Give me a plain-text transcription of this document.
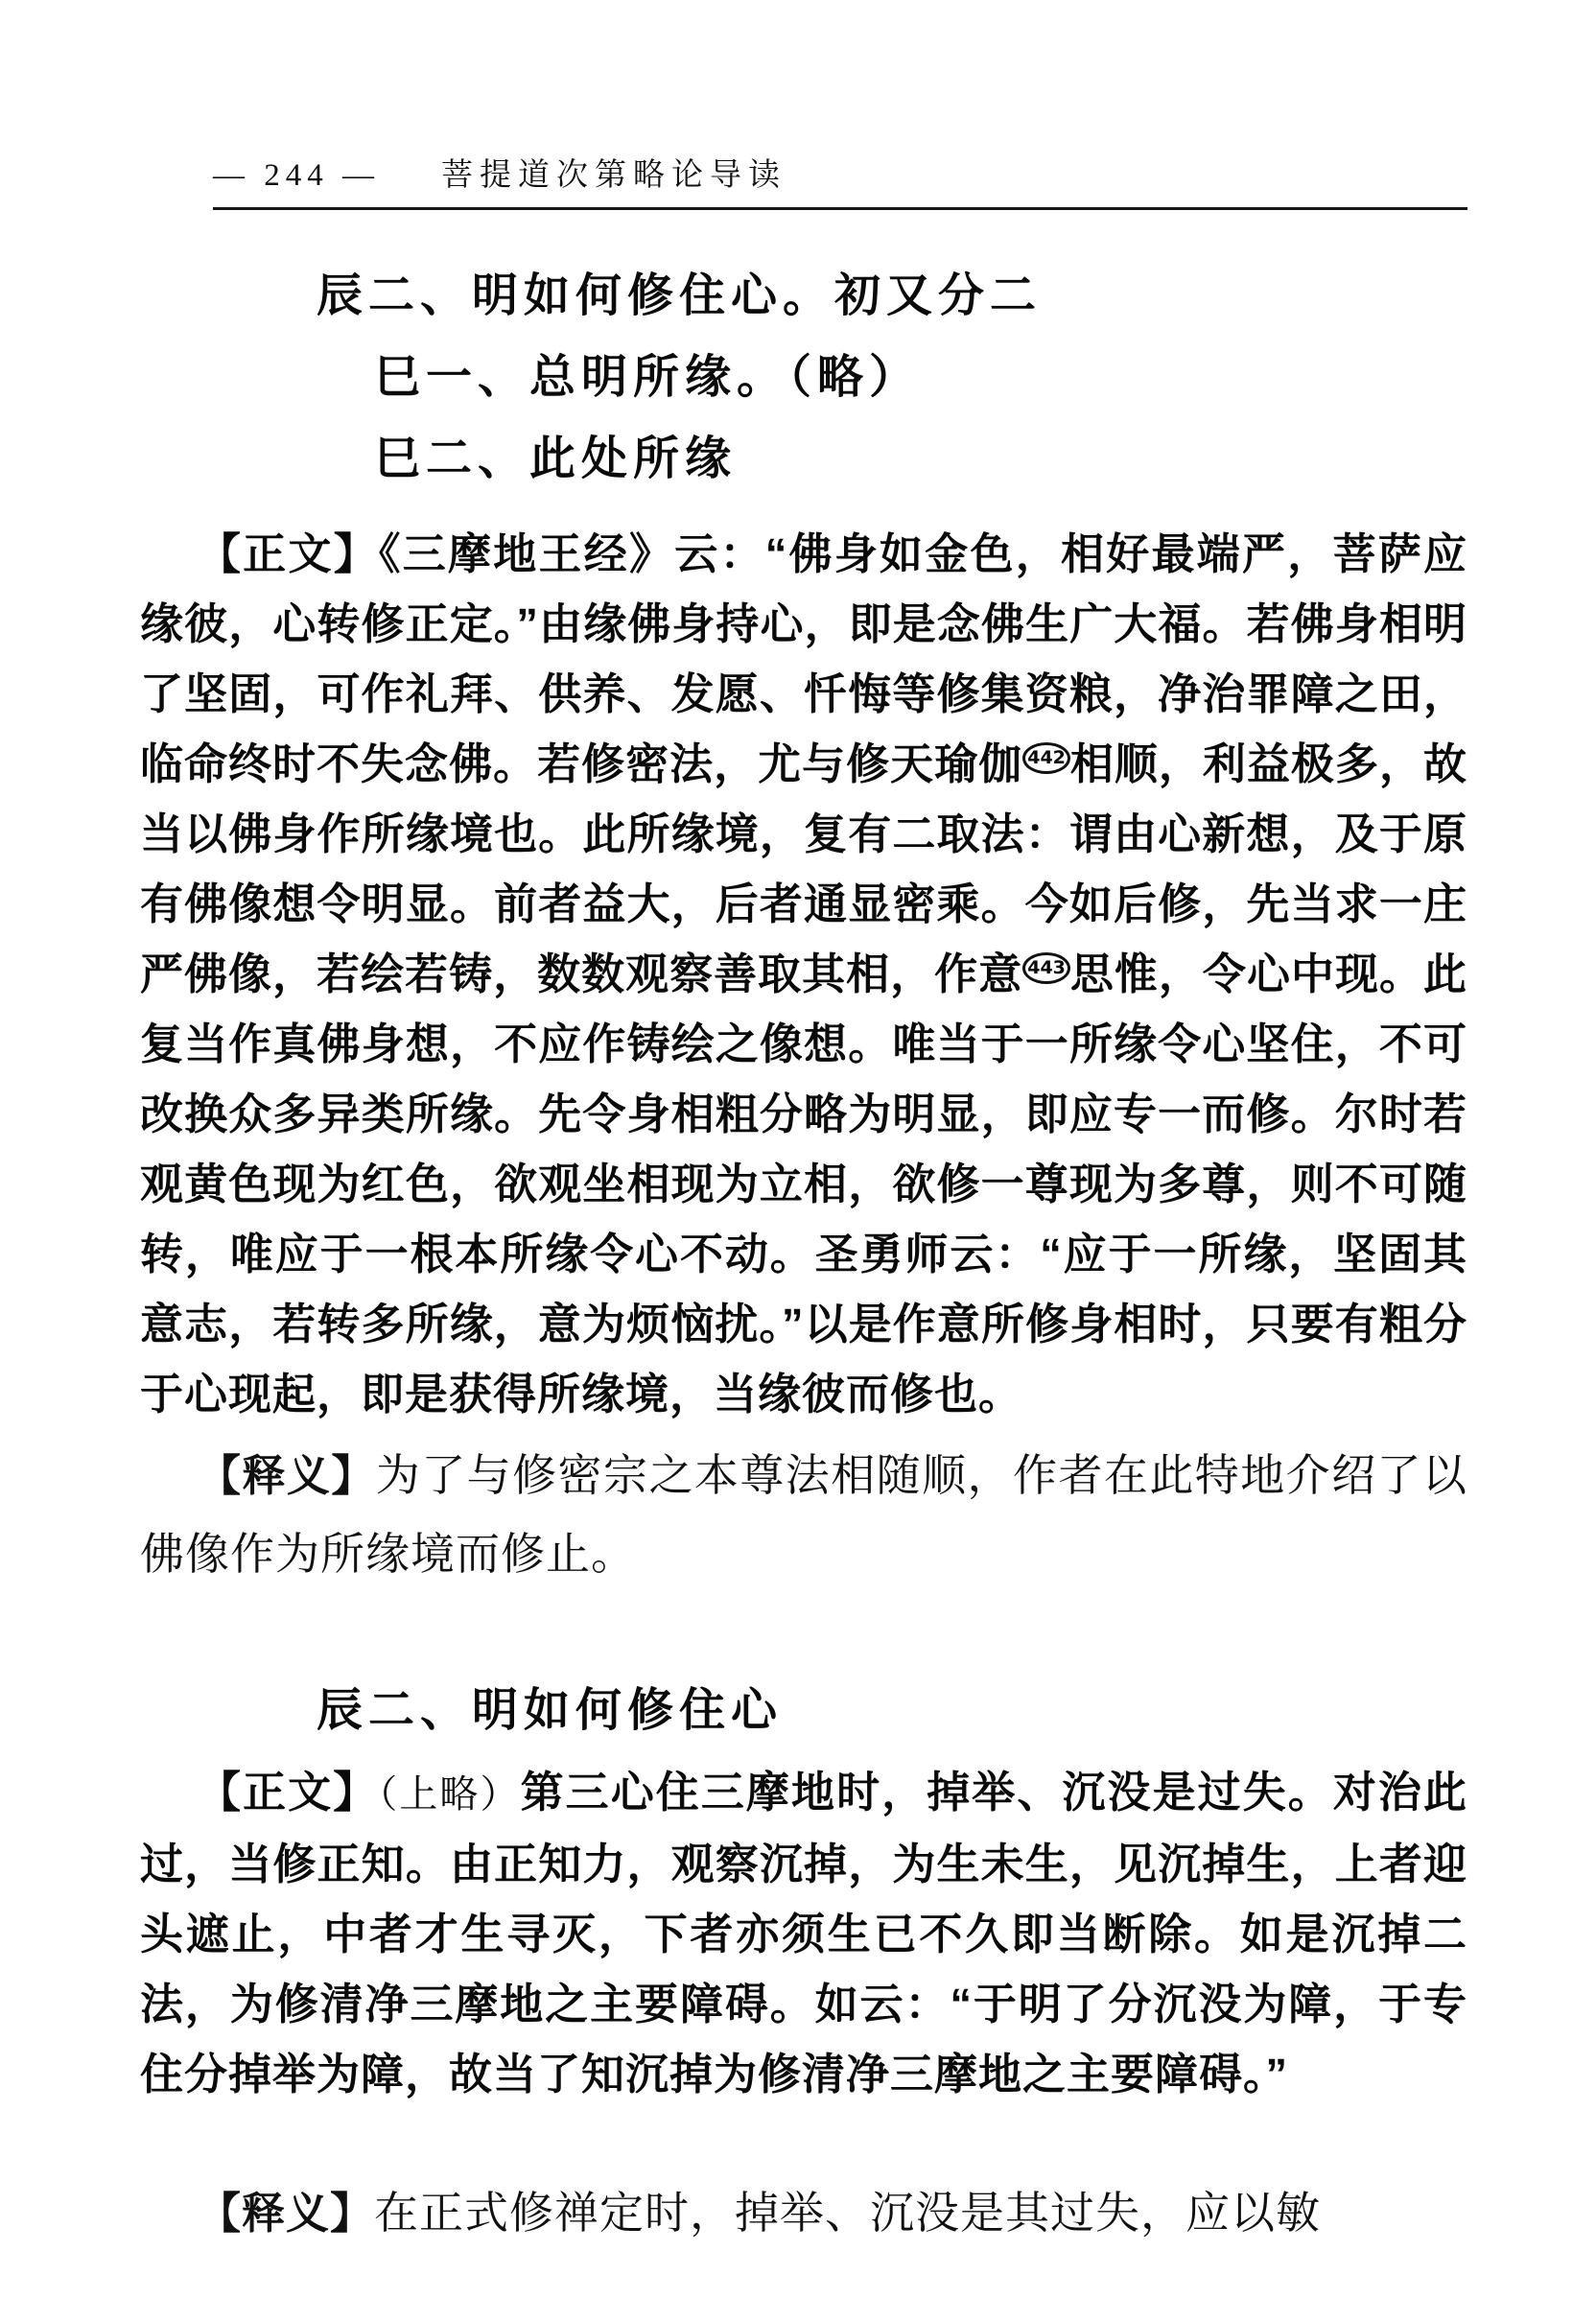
— 244 — 菩提道次第略论导读
辰二、明如何修住心。初又分二
巳一、总明所缘。（略）
巳二、此处所缘

【正文】《三摩地王经》云：“佛身如金色，相好最端严，菩萨应缘彼，心转修正定。”由缘佛身持心，即是念佛生广大福。若佛身相明了坚固，可作礼拜、供养、发愿、忏悔等修集资粮，净治罪障之田，临命终时不失念佛。若修密法，尤与修天瑜伽 $^{442}$ 相顺，利益极多，故当以佛身作所缘境也。此所缘境，复有二取法：谓由心新想，及于原有佛像想令明显。前者益大，后者通显密乘。今如后修，先当求一庄严佛像，若绘若铸，数数观察善取其相，作意 $^{443}$ 思惟，令心中现。此复当作真佛身想，不应作铸绘之像想。唯当于一所缘令心坚住，不可改换众多异类所缘。先令身相粗分略为明显，即应专一而修。尔时若观黄色现为红色，欲观坐相现为立相，欲修一尊现为多尊，则不可随转，唯应于一根本所缘令心不动。圣勇师云：“应于一所缘，坚固其意志，若转多所缘，意为烦恼扰。”以是作意所修身相时，只要有粗分于心现起，即是获得所缘境，当缘彼而修也。

【释义】为了与修密宗之本尊法相随顺，作者在此特地介绍了以佛像作为所缘境而修止。

辰二、明如何修住心

【正文】（上略）第三心住三摩地时，掉举、沉没是过失。对治此过，当修正知。由正知力，观察沉掉，为生未生，见沉掉生，上者迎头遮止，中者才生寻灭，下者亦须生已不久即当断除。如是沉掉二法，为修清净三摩地之主要障碍。如云：“于明了分沉没为障，于专住分掉举为障，故当了知沉掉为修清净三摩地之主要障碍。”

【释义】在正式修禅定时，掉举、沉没是其过失，应以敏
